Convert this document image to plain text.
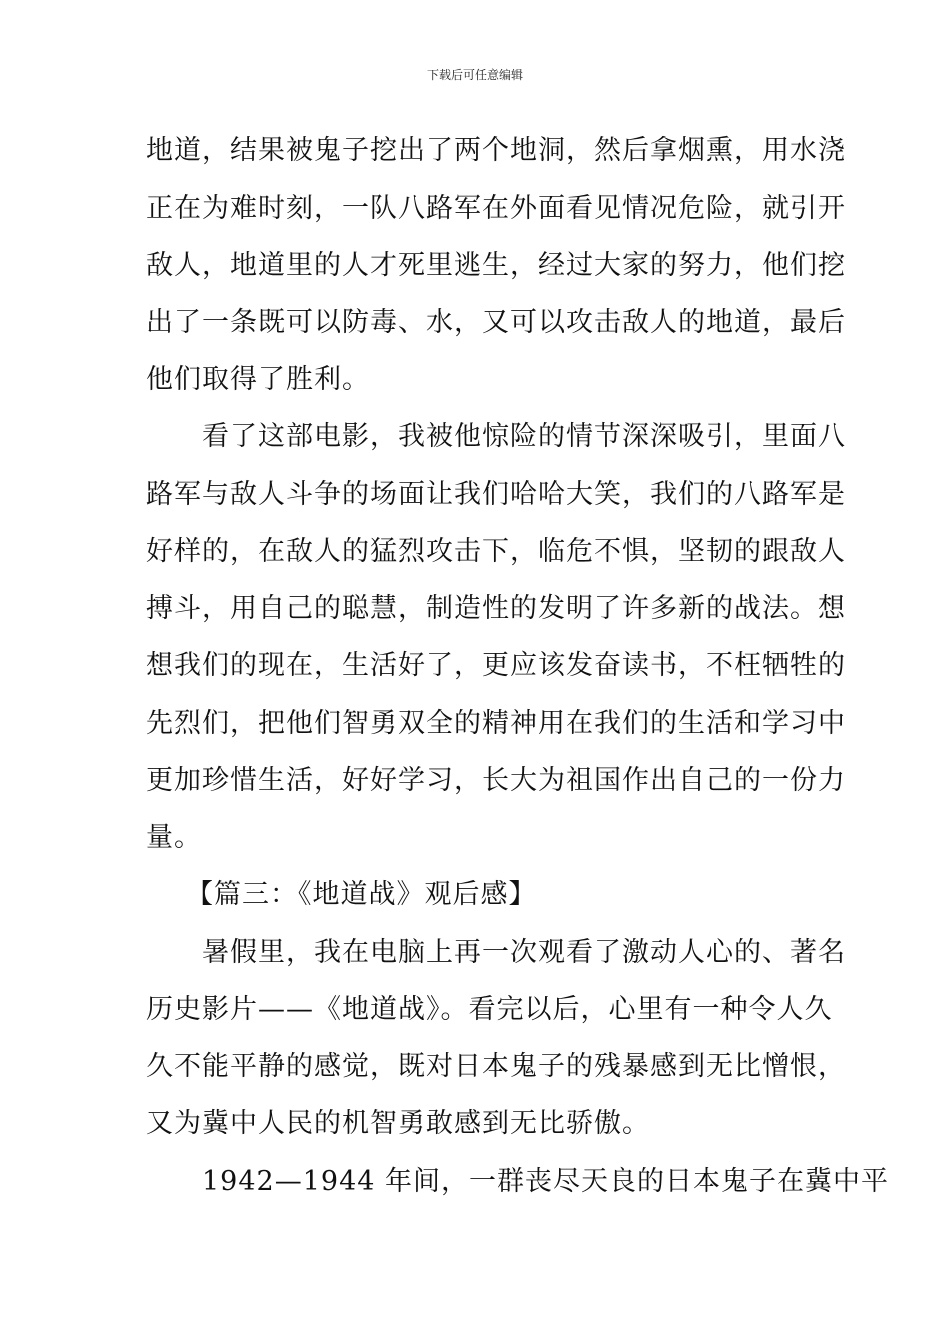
下载后可任意编辑
地道，结果被鬼子挖出了两个地洞，然后拿烟熏，用水浇
正在为难时刻，一队八路军在外面看见情况危险，就引开
敌人，地道里的人才死里逃生，经过大家的努力，他们挖
出了一条既可以防毒、水，又可以攻击敌人的地道，最后
他们取得了胜利。
看了这部电影，我被他惊险的情节深深吸引，里面八
路军与敌人斗争的场面让我们哈哈大笑，我们的八路军是
好样的，在敌人的猛烈攻击下，临危不惧，坚韧的跟敌人
搏斗，用自己的聪慧，制造性的发明了许多新的战法。想
想我们的现在，生活好了，更应该发奋读书，不枉牺牲的
先烈们，把他们智勇双全的精神用在我们的生活和学习中
更加珍惜生活，好好学习，长大为祖国作出自己的一份力
量。
【篇三：《地道战》观后感】
暑假里，我在电脑上再一次观看了激动人心的、著名
历史影片——《地道战》。看完以后，心里有一种令人久
久不能平静的感觉，既对日本鬼子的残暴感到无比憎恨，
又为冀中人民的机智勇敢感到无比骄傲。
1942—1944 年间，一群丧尽天良的日本鬼子在冀中平
